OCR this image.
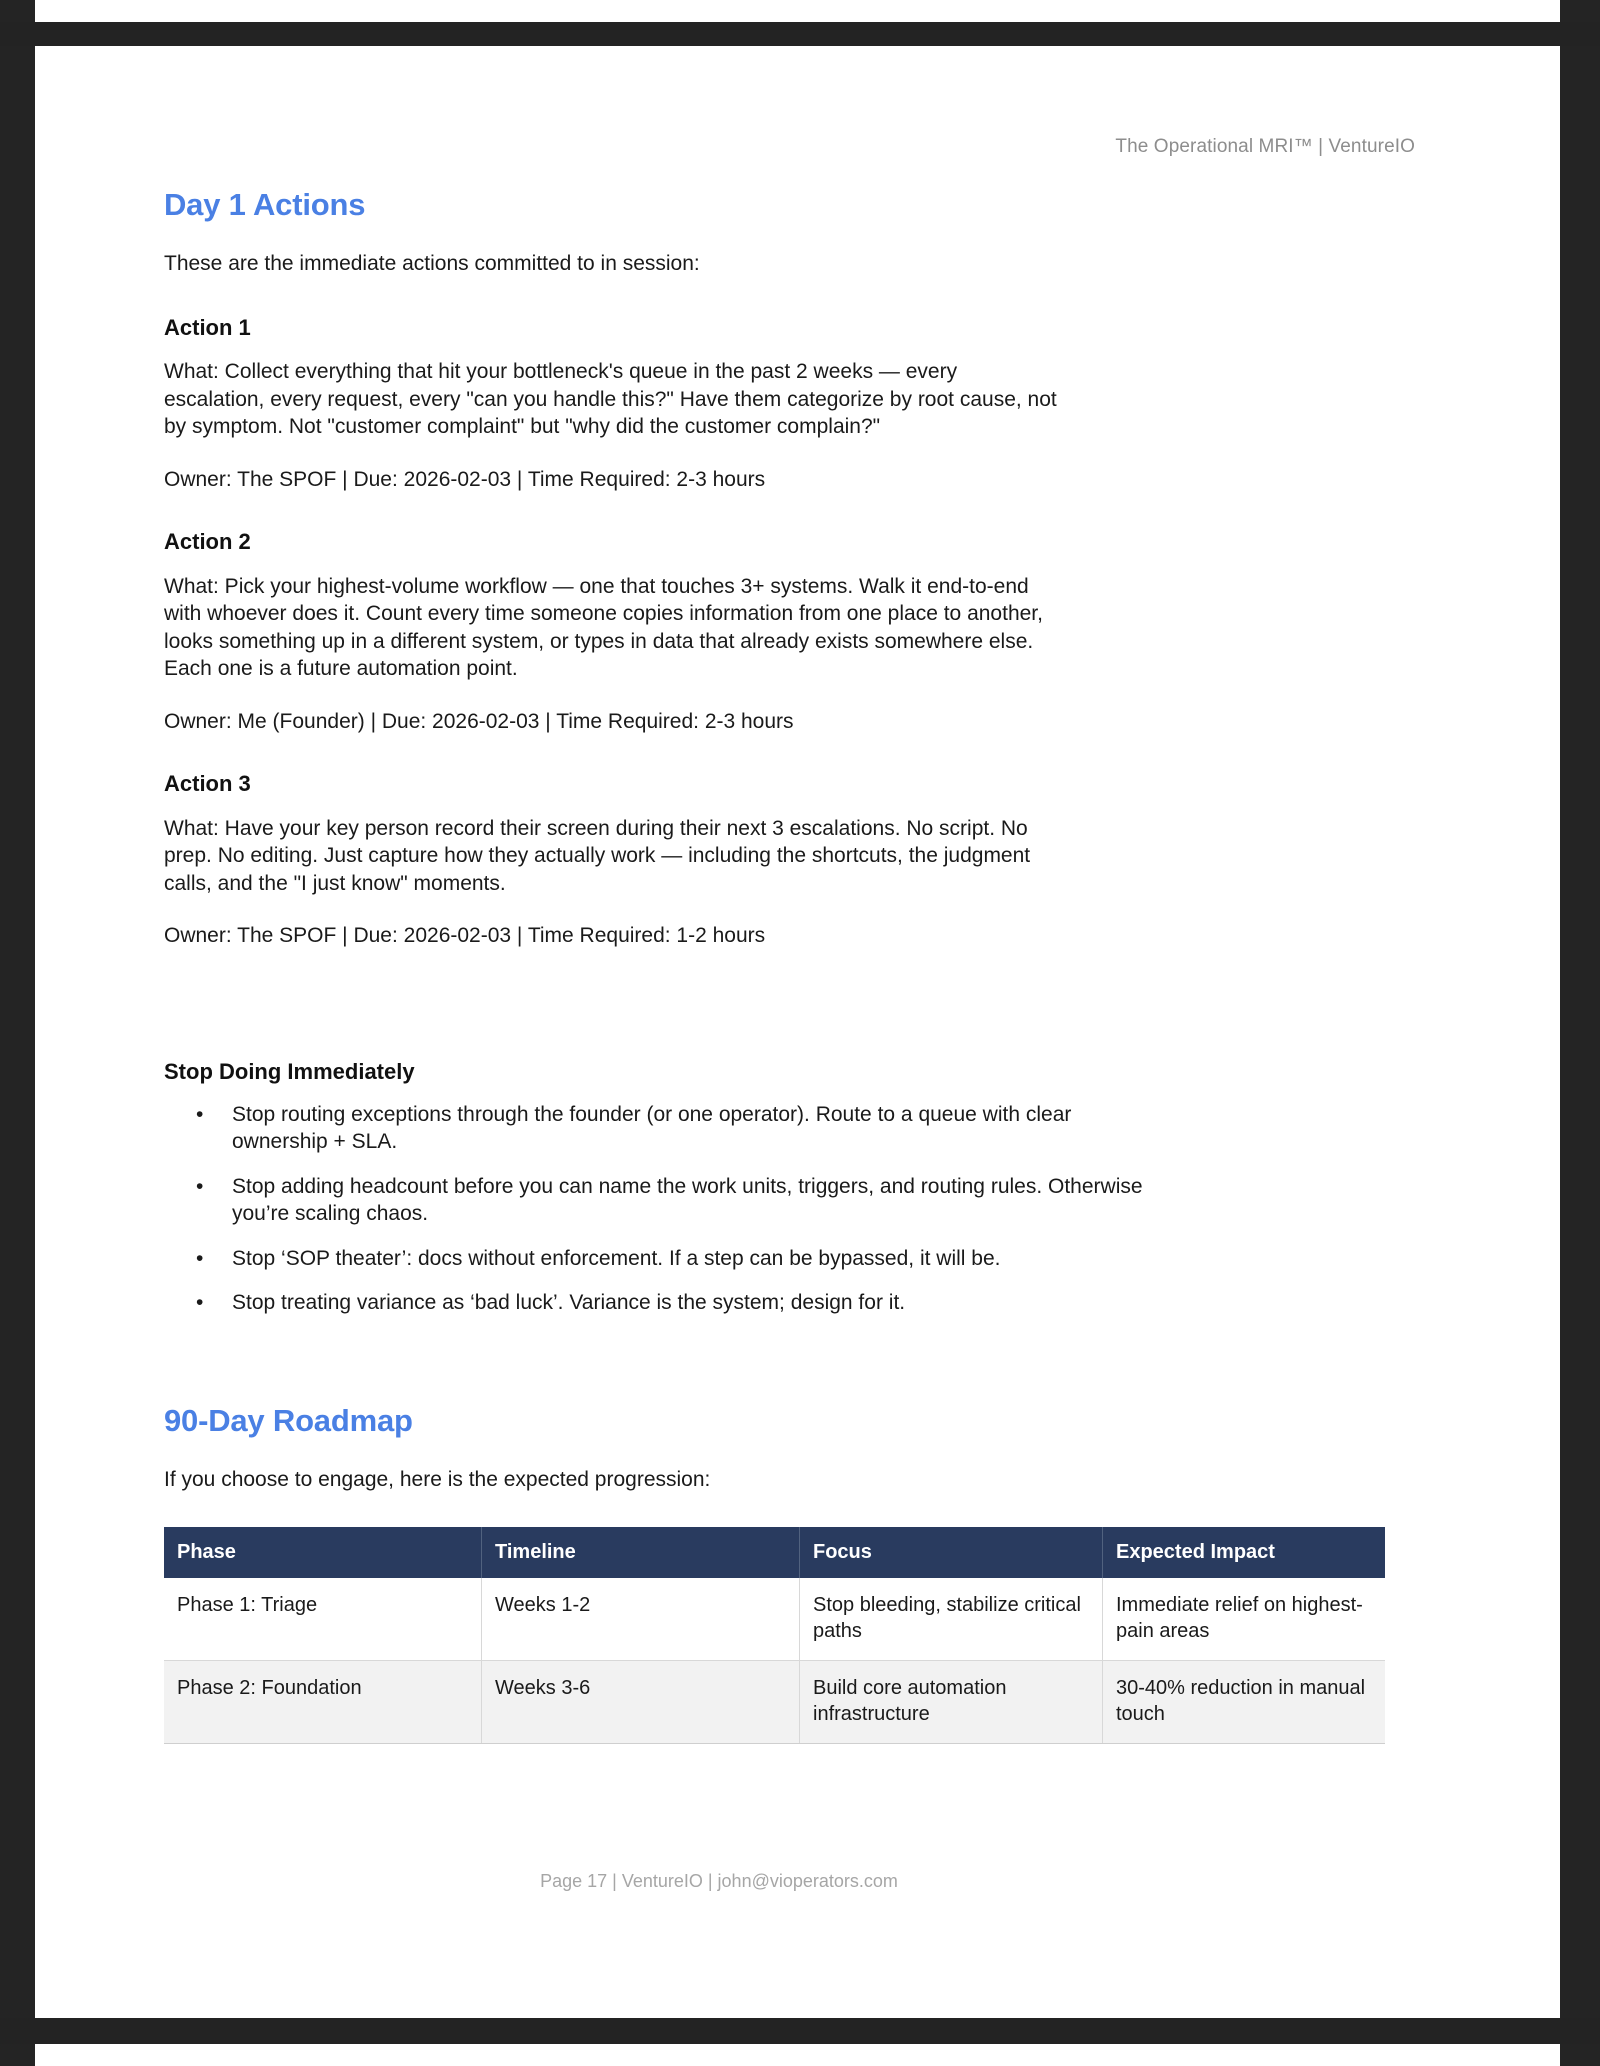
The Operational MRI™ | VentureIO
Day 1 Actions

These are the immediate actions committed to in session:

Action 1

What: Collect everything that hit your bottleneck's queue in the past 2 weeks — every escalation, every request, every "can you handle this?" Have them categorize by root cause, not by symptom. Not "customer complaint" but "why did the customer complain?"

Owner: The SPOF | Due: 2026-02-03 | Time Required: 2-3 hours

Action 2

What: Pick your highest-volume workflow — one that touches 3+ systems. Walk it end-to-end with whoever does it. Count every time someone copies information from one place to another, looks something up in a different system, or types in data that already exists somewhere else. Each one is a future automation point.

Owner: Me (Founder) | Due: 2026-02-03 | Time Required: 2-3 hours

Action 3

What: Have your key person record their screen during their next 3 escalations. No script. No prep. No editing. Just capture how they actually work — including the shortcuts, the judgment calls, and the "I just know" moments.

Owner: The SPOF | Due: 2026-02-03 | Time Required: 1-2 hours

Stop Doing Immediately
• Stop routing exceptions through the founder (or one operator). Route to a queue with clear ownership + SLA.
• Stop adding headcount before you can name the work units, triggers, and routing rules. Otherwise you’re scaling chaos.
• Stop ‘SOP theater’: docs without enforcement. If a step can be bypassed, it will be.
• Stop treating variance as ‘bad luck’. Variance is the system; design for it.
90-Day Roadmap

If you choose to engage, here is the expected progression:

Phase	Timeline	Focus	Expected Impact
Phase 1: Triage	Weeks 1-2	Stop bleeding, stabilize critical paths	Immediate relief on highest-pain areas
Phase 2: Foundation	Weeks 3-6	Build core automation infrastructure	30-40% reduction in manual touch
Page 17 | VentureIO | john@vioperators.com
